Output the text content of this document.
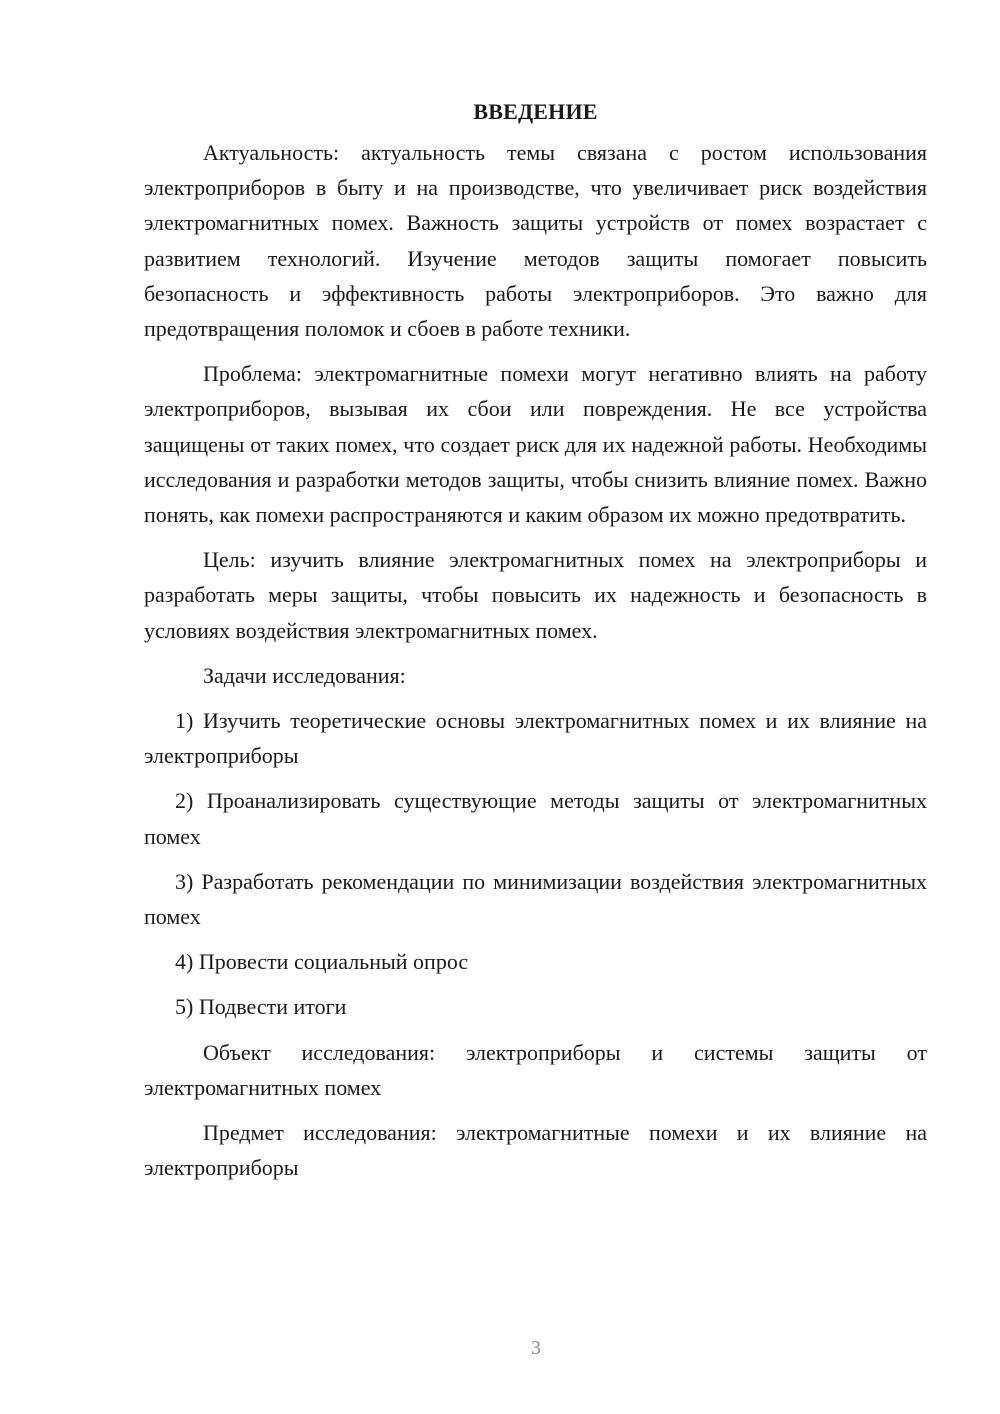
ВВЕДЕНИЕ

Актуальность: актуальность темы связана с ростом использования электроприборов в быту и на производстве, что увеличивает риск воздействия электромагнитных помех. Важность защиты устройств от помех возрастает с развитием технологий. Изучение методов защиты помогает повысить безопасность и эффективность работы электроприборов. Это важно для предотвращения поломок и сбоев в работе техники.

Проблема: электромагнитные помехи могут негативно влиять на работу электроприборов, вызывая их сбои или повреждения. Не все устройства защищены от таких помех, что создает риск для их надежной работы. Необходимы исследования и разработки методов защиты, чтобы снизить влияние помех. Важно понять, как помехи распространяются и каким образом их можно предотвратить.

Цель: изучить влияние электромагнитных помех на электроприборы и разработать меры защиты, чтобы повысить их надежность и безопасность в условиях воздействия электромагнитных помех.

Задачи исследования:

1) Изучить теоретические основы электромагнитных помех и их влияние на электроприборы

2) Проанализировать существующие методы защиты от электромагнитных помех

3) Разработать рекомендации по минимизации воздействия электромагнитных помех

4) Провести социальный опрос

5) Подвести итоги

Объект исследования: электроприборы и системы защиты от электромагнитных помех

Предмет исследования: электромагнитные помехи и их влияние на электроприборы

3
